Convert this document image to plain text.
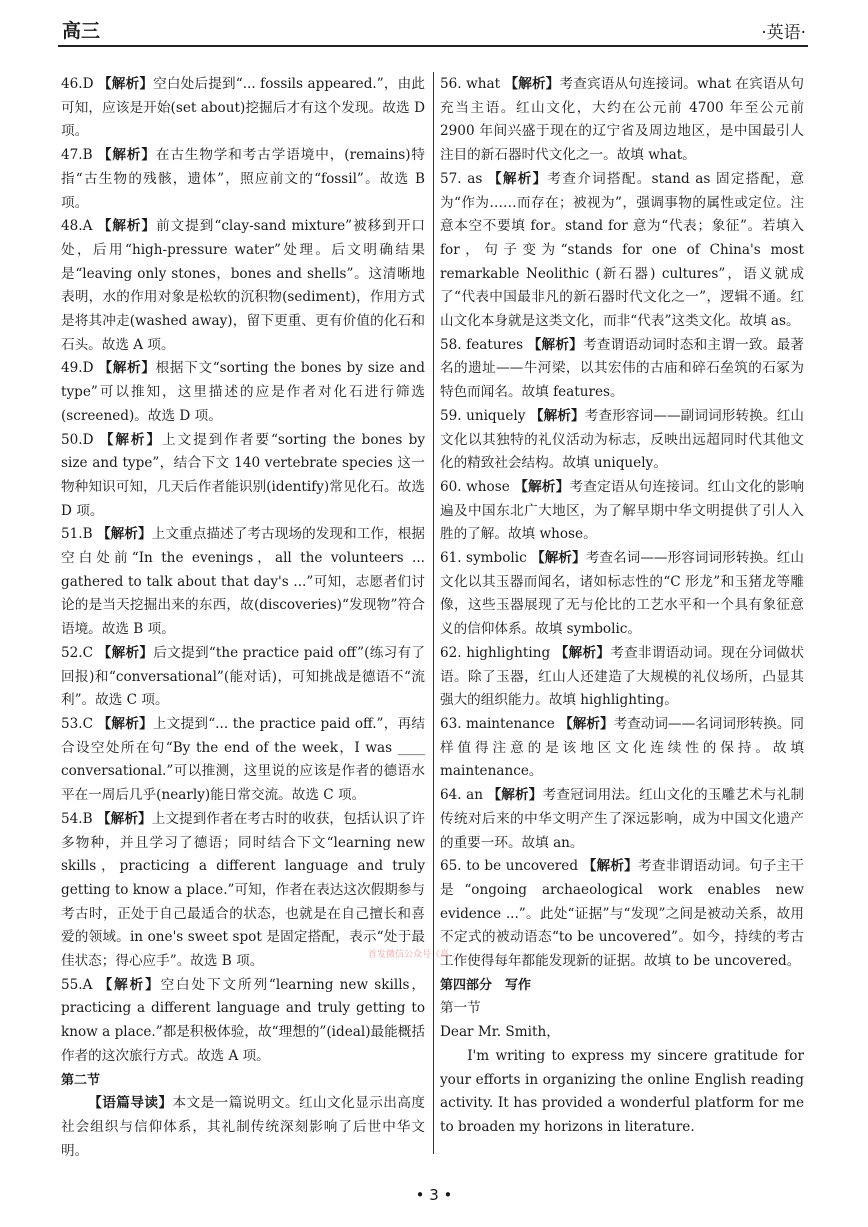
高三	·英语·

46.D 【解析】空白处后提到“... fossils appeared.”，由此可知，应该是开始(set about)挖掘后才有这个发现。故选 D 项。

47.B 【解析】在古生物学和考古学语境中，(remains)特指“古生物的残骸，遗体”，照应前文的“fossil”。故选 B 项。

48.A 【解析】前文提到“clay-sand mixture”被移到开口处，后用“high-pressure water”处理。后文明确结果是“leaving only stones，bones and shells”。这清晰地表明，水的作用对象是松软的沉积物(sediment)，作用方式是将其冲走(washed away)，留下更重、更有价值的化石和石头。故选 A 项。

49.D 【解析】根据下文“sorting the bones by size and type”可以推知，这里描述的应是作者对化石进行筛选(screened)。故选 D 项。

50.D 【解析】上文提到作者要“sorting the bones by size and type”，结合下文 140 vertebrate species 这一物种知识可知，几天后作者能识别(identify)常见化石。故选 D 项。

51.B 【解析】上文重点描述了考古现场的发现和工作，根据空白处前“In the evenings，all the volunteers ... gathered to talk about that day's ...”可知，志愿者们讨论的是当天挖掘出来的东西，故(discoveries)“发现物”符合语境。故选 B 项。

52.C 【解析】后文提到“the practice paid off”(练习有了回报)和“conversational”(能对话)，可知挑战是德语不“流利”。故选 C 项。

53.C 【解析】上文提到“... the practice paid off.”，再结合设空处所在句“By the end of the week，I was ____ conversational.”可以推测，这里说的应该是作者的德语水平在一周后几乎(nearly)能日常交流。故选 C 项。

54.B 【解析】上文提到作者在考古时的收获，包括认识了许多物种，并且学习了德语；同时结合下文“learning new skills，practicing a different language and truly getting to know a place.”可知，作者在表达这次假期参与考古时，正处于自己最适合的状态，也就是在自己擅长和喜爱的领域。in one's sweet spot 是固定搭配，表示“处于最佳状态；得心应手”。故选 B 项。

55.A 【解析】空白处下文所列“learning new skills，practicing a different language and truly getting to know a place.”都是积极体验，故“理想的”(ideal)最能概括作者的这次旅行方式。故选 A 项。

第二节

【语篇导读】本文是一篇说明文。红山文化显示出高度社会组织与信仰体系，其礼制传统深刻影响了后世中华文明。

56. what 【解析】考查宾语从句连接词。what 在宾语从句充当主语。红山文化，大约在公元前 4700 年至公元前 2900 年间兴盛于现在的辽宁省及周边地区，是中国最引人注目的新石器时代文化之一。故填 what。

57. as 【解析】考查介词搭配。stand as 固定搭配，意为“作为……而存在；被视为”，强调事物的属性或定位。注意本空不要填 for。stand for 意为“代表；象征”。若填入 for，句子变为“stands for one of China's most remarkable Neolithic (新石器) cultures”，语义就成了“代表中国最非凡的新石器时代文化之一”，逻辑不通。红山文化本身就是这类文化，而非“代表”这类文化。故填 as。

58. features 【解析】考查谓语动词时态和主谓一致。最著名的遗址——牛河梁，以其宏伟的古庙和碎石垒筑的石冢为特色而闻名。故填 features。

59. uniquely 【解析】考查形容词——副词词形转换。红山文化以其独特的礼仪活动为标志，反映出远超同时代其他文化的精致社会结构。故填 uniquely。

60. whose 【解析】考查定语从句连接词。红山文化的影响遍及中国东北广大地区，为了解早期中华文明提供了引人入胜的了解。故填 whose。

61. symbolic 【解析】考查名词——形容词词形转换。红山文化以其玉器而闻名，诸如标志性的“C 形龙”和玉猪龙等雕像，这些玉器展现了无与伦比的工艺水平和一个具有象征意义的信仰体系。故填 symbolic。

62. highlighting 【解析】考查非谓语动词。现在分词做状语。除了玉器，红山人还建造了大规模的礼仪场所，凸显其强大的组织能力。故填 highlighting。

63. maintenance 【解析】考查动词——名词词形转换。同样值得注意的是该地区文化连续性的保持。故填 maintenance。

64. an 【解析】考查冠词用法。红山文化的玉雕艺术与礼制传统对后来的中华文明产生了深远影响，成为中国文化遗产的重要一环。故填 an。

65. to be uncovered 【解析】考查非谓语动词。句子主干是“ongoing archaeological work enables new evidence ...”。此处“证据”与“发现”之间是被动关系，故用不定式的被动语态“to be uncovered”。如今，持续的考古工作使得每年都能发现新的证据。故填 to be uncovered。

第四部分　写作

第一节

Dear Mr. Smith，

I'm writing to express my sincere gratitude for your efforts in organizing the online English reading activity. It has provided a wonderful platform for me to broaden my horizons in literature.

首发微信公众号《高...
• 3 •
